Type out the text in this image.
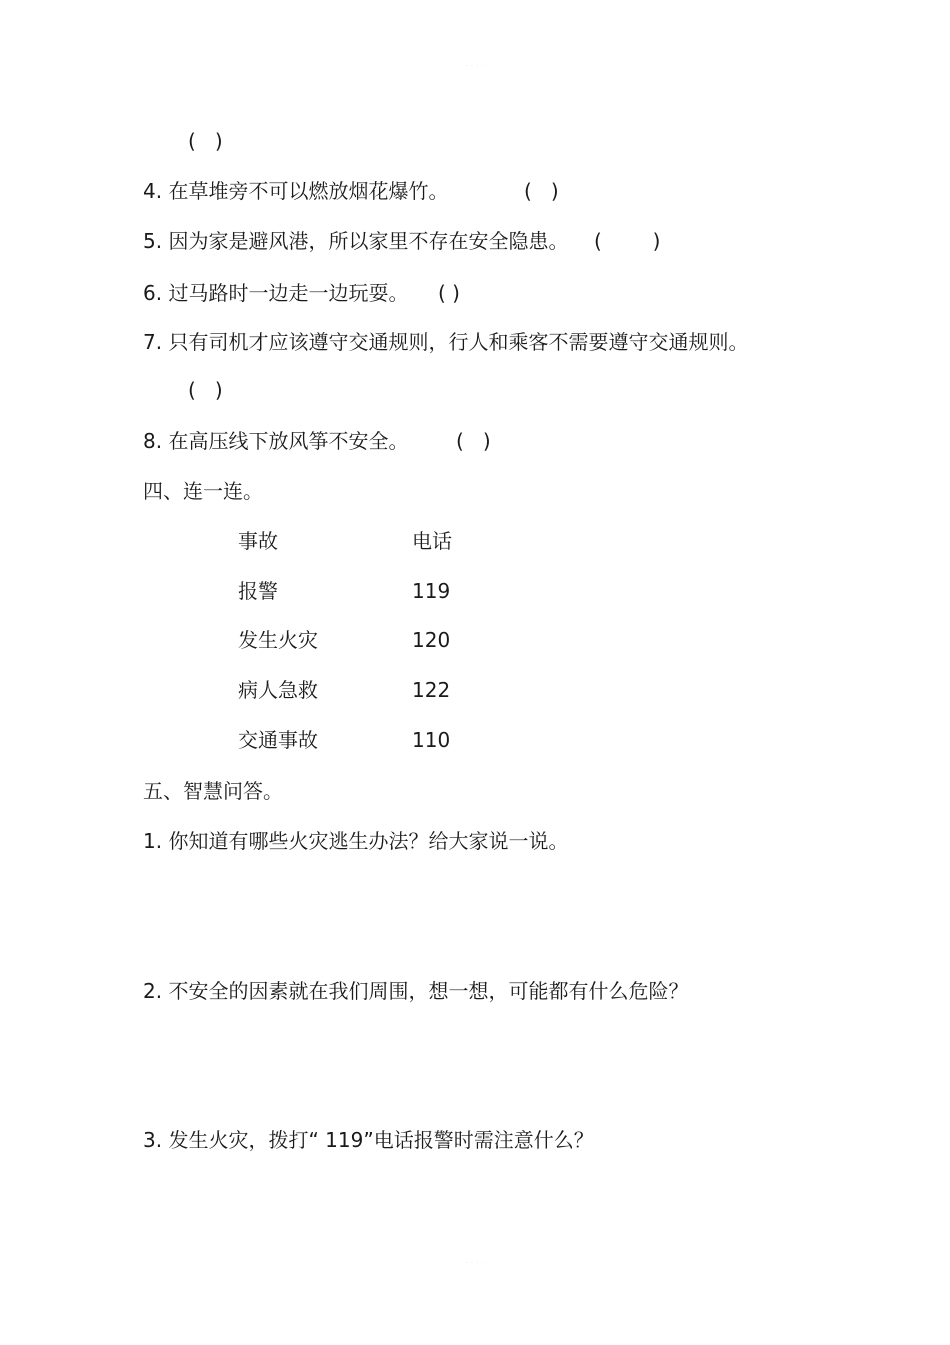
· · · ·
(   )
4. 在草堆旁不可以燃放烟花爆竹。	(   )
5. 因为家是避风港，所以家里不存在安全隐患。 (        )
6. 过马路时一边走一边玩耍。 ( )
7. 只有司机才应该遵守交通规则，行人和乘客不需要遵守交通规则。
(   )
8. 在高压线下放风筝不安全。 (   )
四、连一连。
事故	电话
报警	119
发生火灾	120
病人急救	122
交通事故	110
五、智慧问答。
1. 你知道有哪些火灾逃生办法？给大家说一说。
2. 不安全的因素就在我们周围，想一想，可能都有什么危险？
3. 发生火灾，拨打“ 119”电话报警时需注意什么？
· · · ·
